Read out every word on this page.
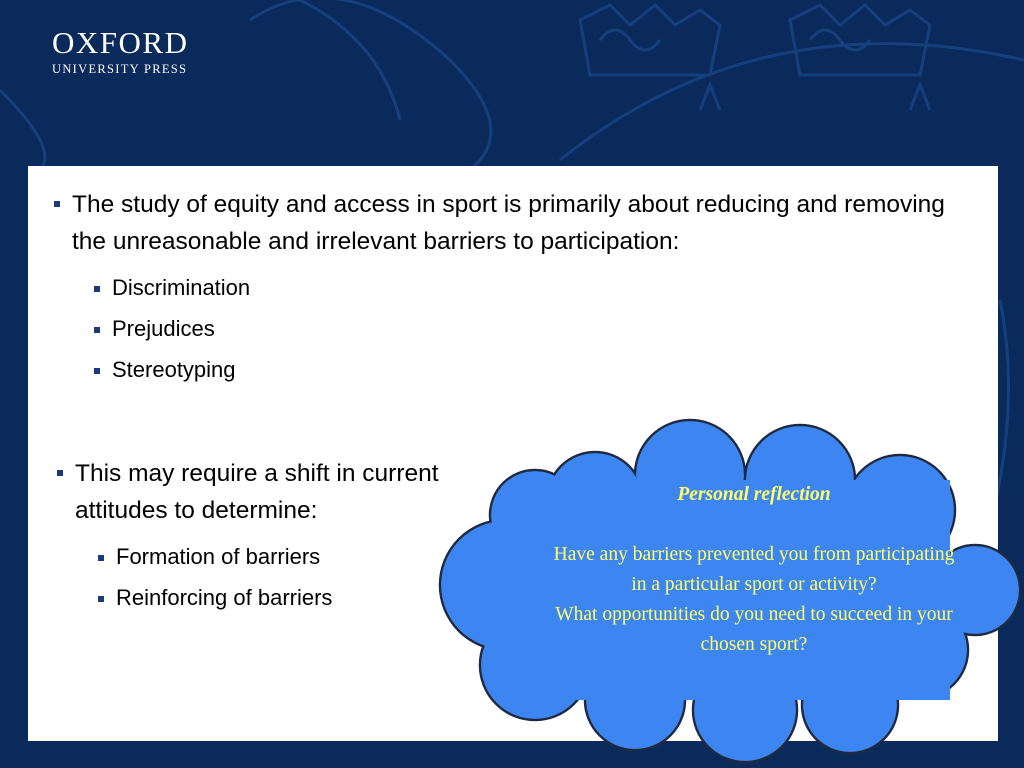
OXFORD
UNIVERSITY PRESS
The study of equity and access in sport is primarily about reducing and removing the unreasonable and irrelevant barriers to participation:
Discrimination
Prejudices
Stereotyping
This may require a shift in current attitudes to determine:
Formation of barriers
Reinforcing of barriers
Personal reflection
Have any barriers prevented you from participating in a particular sport or activity?
What opportunities do you need to succeed in your chosen sport?
